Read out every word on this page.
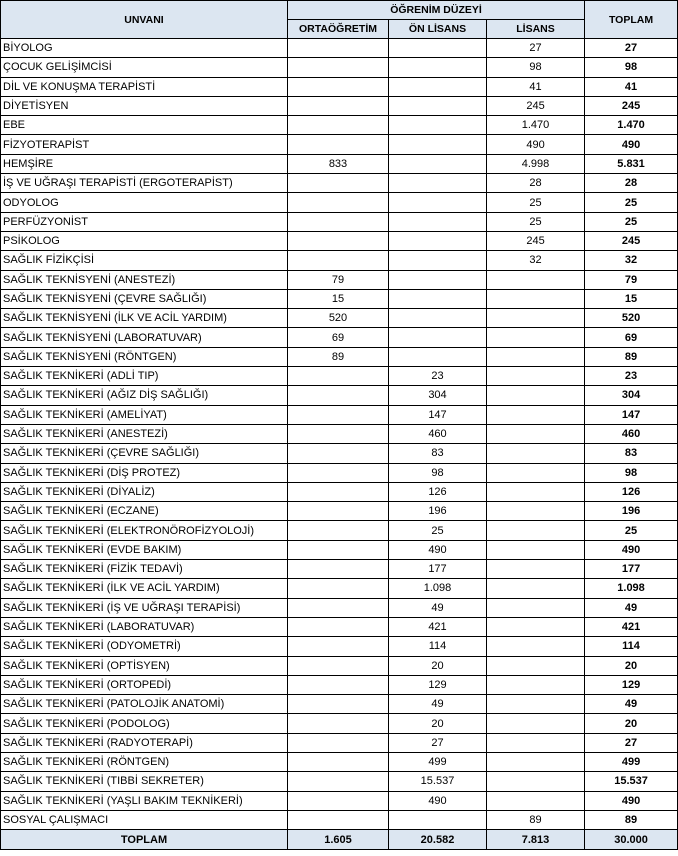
UNVANI	ÖĞRENİM DÜZEYİ			TOPLAM
	ORTAÖĞRETİM	ÖN LİSANS	LİSANS	
BİYOLOG			27	27
ÇOCUK GELİŞİMCİSİ			98	98
DİL VE KONUŞMA TERAPİSTİ			41	41
DİYETİSYEN			245	245
EBE			1.470	1.470
FİZYOTERAPİST			490	490
HEMŞİRE	833		4.998	5.831
İŞ VE UĞRAŞI TERAPİSTİ (ERGOTERAPİST)			28	28
ODYOLOG			25	25
PERFÜZYONİST			25	25
PSİKOLOG			245	245
SAĞLIK FİZİKÇİSİ			32	32
SAĞLIK TEKNİSYENİ (ANESTEZİ)	79			79
SAĞLIK TEKNİSYENİ (ÇEVRE SAĞLIĞI)	15			15
SAĞLIK TEKNİSYENİ (İLK VE ACİL YARDIM)	520			520
SAĞLIK TEKNİSYENİ (LABORATUVAR)	69			69
SAĞLIK TEKNİSYENİ (RÖNTGEN)	89			89
SAĞLIK TEKNİKERİ (ADLİ TIP)		23		23
SAĞLIK TEKNİKERİ (AĞIZ DİŞ SAĞLIĞI)		304		304
SAĞLIK TEKNİKERİ (AMELİYAT)		147		147
SAĞLIK TEKNİKERİ (ANESTEZİ)		460		460
SAĞLIK TEKNİKERİ (ÇEVRE SAĞLIĞI)		83		83
SAĞLIK TEKNİKERİ (DİŞ PROTEZ)		98		98
SAĞLIK TEKNİKERİ (DİYALİZ)		126		126
SAĞLIK TEKNİKERİ (ECZANE)		196		196
SAĞLIK TEKNİKERİ (ELEKTRONÖROFİZYOLOJİ)		25		25
SAĞLIK TEKNİKERİ (EVDE BAKIM)		490		490
SAĞLIK TEKNİKERİ (FİZİK TEDAVİ)		177		177
SAĞLIK TEKNİKERİ (İLK VE ACİL YARDIM)		1.098		1.098
SAĞLIK TEKNİKERİ (İŞ VE UĞRAŞI TERAPİSİ)		49		49
SAĞLIK TEKNİKERİ (LABORATUVAR)		421		421
SAĞLIK TEKNİKERİ (ODYOMETRİ)		114		114
SAĞLIK TEKNİKERİ (OPTİSYEN)		20		20
SAĞLIK TEKNİKERİ (ORTOPEDİ)		129		129
SAĞLIK TEKNİKERİ (PATOLOJİK ANATOMİ)		49		49
SAĞLIK TEKNİKERİ (PODOLOG)		20		20
SAĞLIK TEKNİKERİ (RADYOTERAPİ)		27		27
SAĞLIK TEKNİKERİ (RÖNTGEN)		499		499
SAĞLIK TEKNİKERİ (TIBBİ SEKRETER)		15.537		15.537
SAĞLIK TEKNİKERİ (YAŞLI BAKIM TEKNİKERİ)		490		490
SOSYAL ÇALIŞMACI			89	89
TOPLAM	1.605	20.582	7.813	30.000
